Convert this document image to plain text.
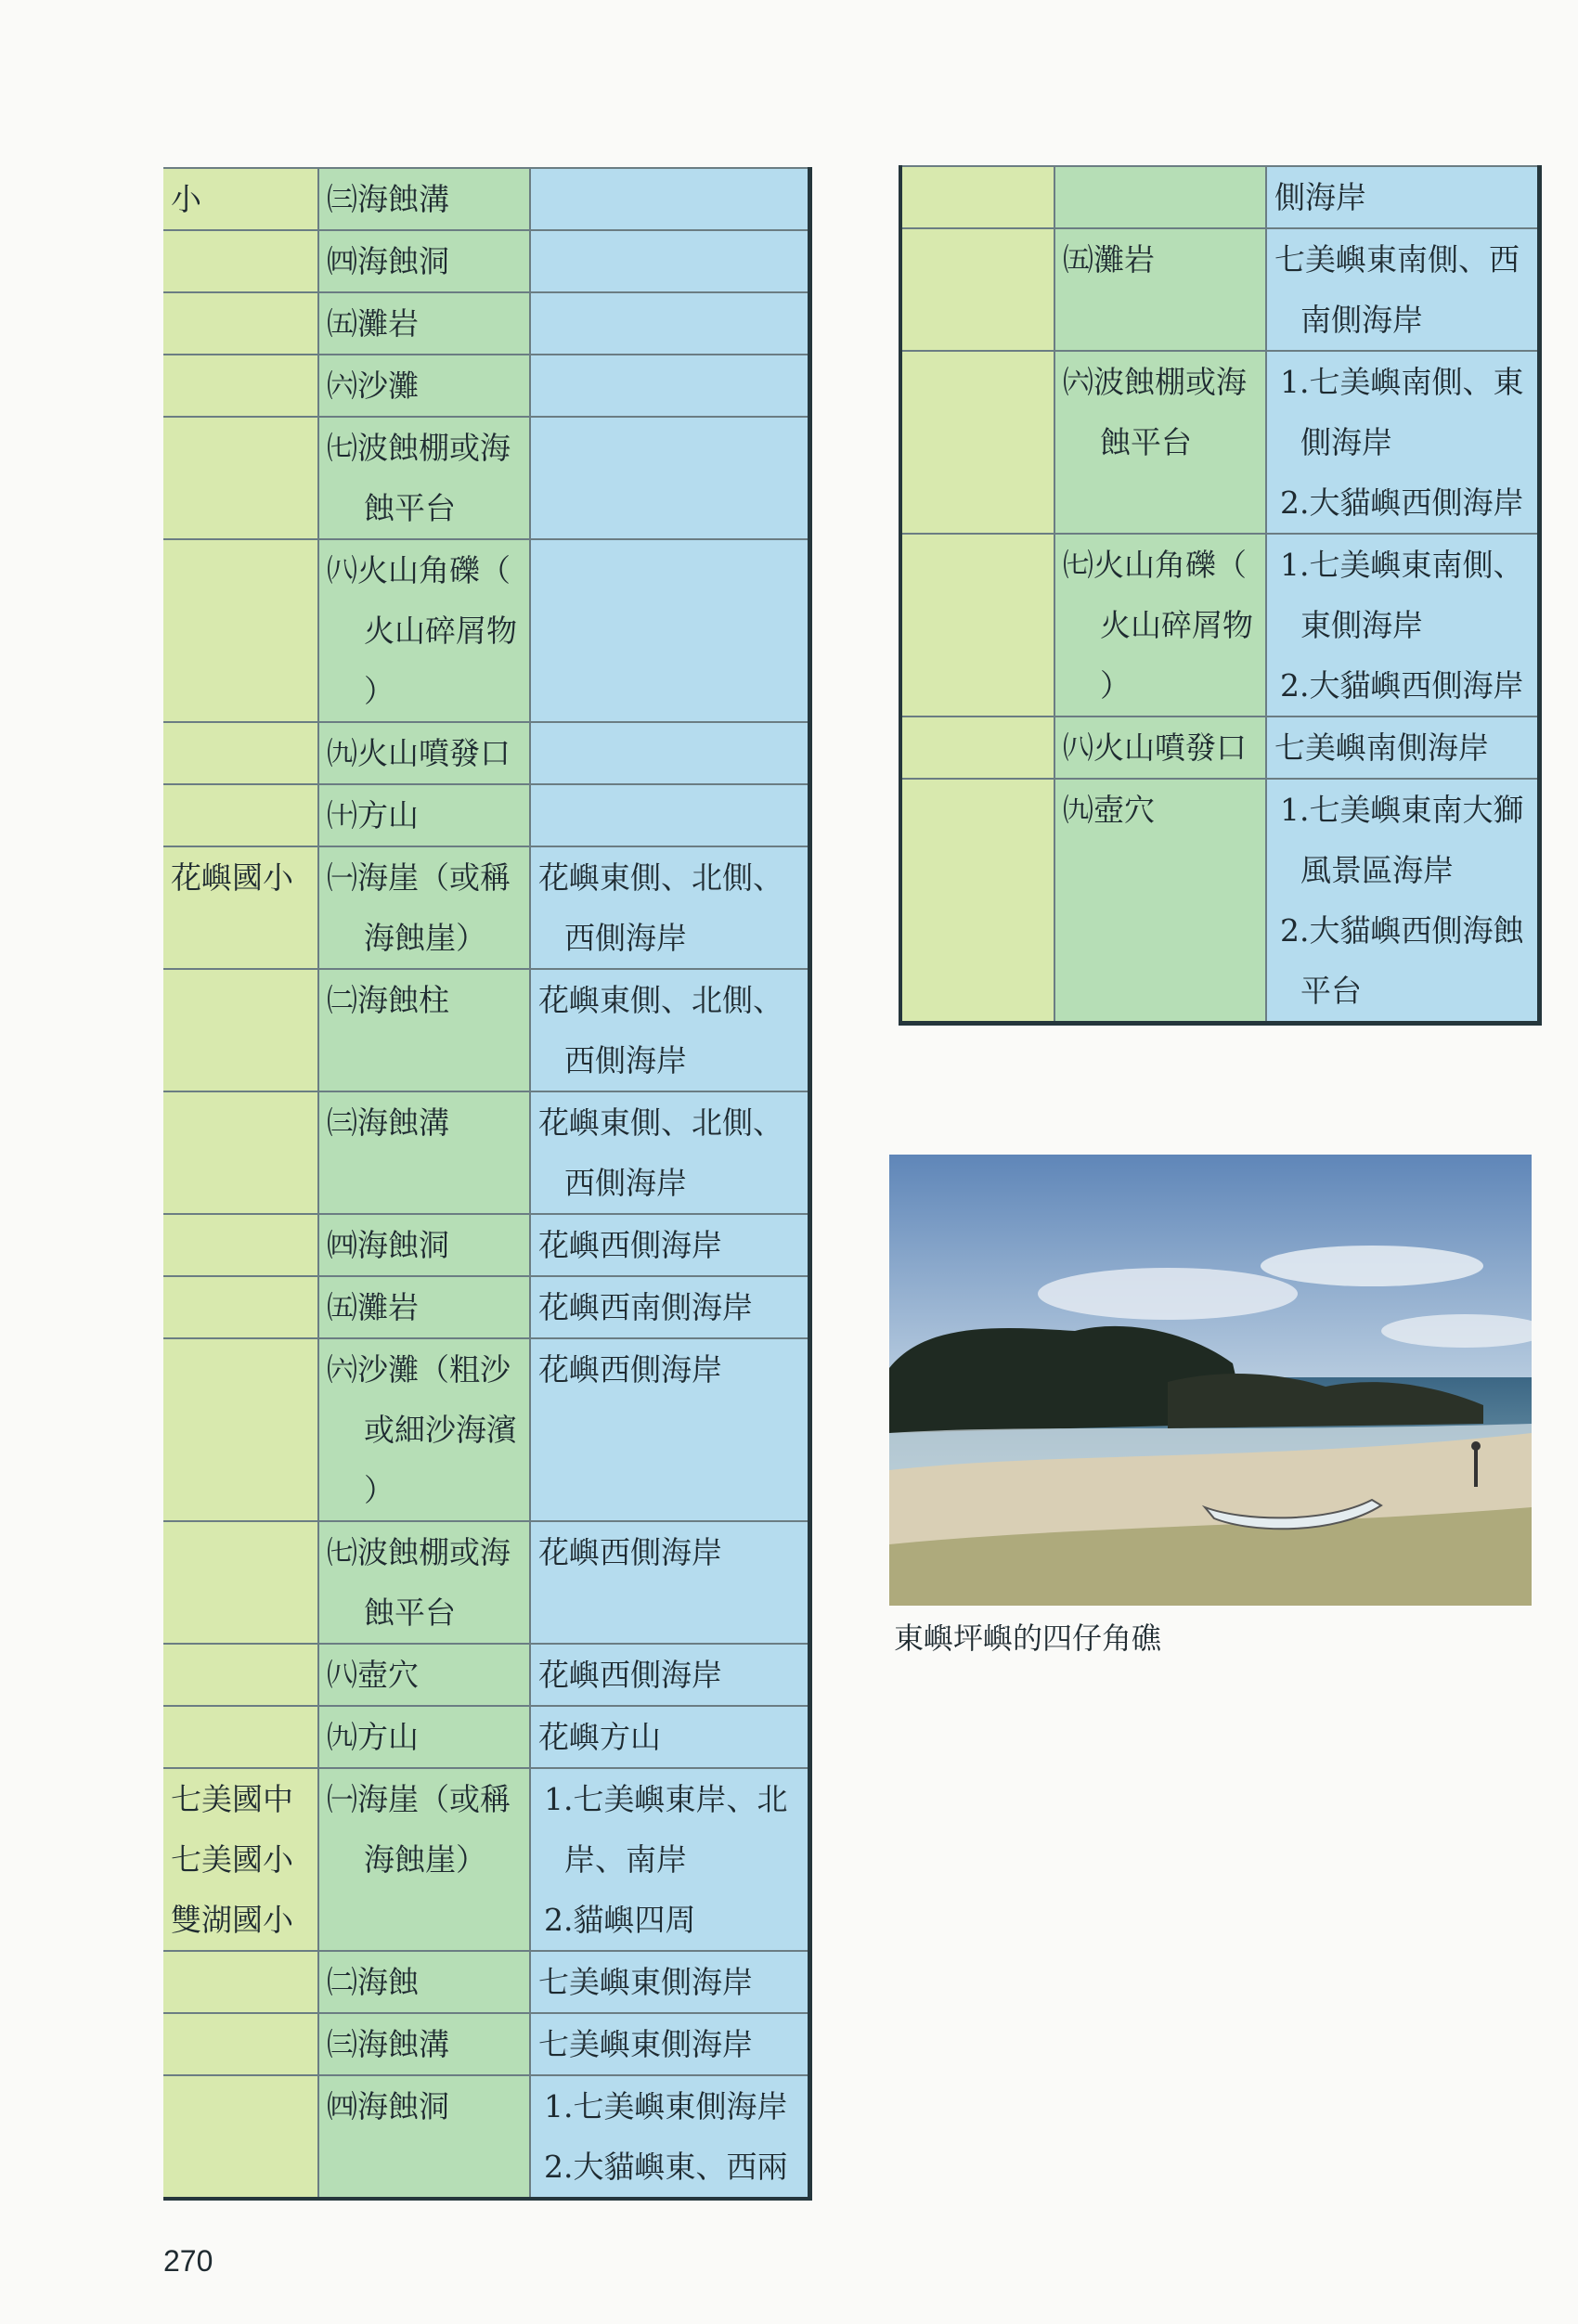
小	㈢海蝕溝	

	㈣海蝕洞	

	㈤灘岩	

	㈥沙灘	

	㈦波蝕棚或海
蝕平台	

	㈧火山角礫（
火山碎屑物
）	

	㈨火山噴發口	

	㈩方山	

花嶼國小	㈠海崖（或稱
海蝕崖）	花嶼東側、北側、
西側海岸

	㈡海蝕柱	花嶼東側、北側、
西側海岸

	㈢海蝕溝	花嶼東側、北側、
西側海岸

	㈣海蝕洞	花嶼西側海岸

	㈤灘岩	花嶼西南側海岸

	㈥沙灘（粗沙
或細沙海濱
）	花嶼西側海岸

	㈦波蝕棚或海
蝕平台	花嶼西側海岸

	㈧壺穴	花嶼西側海岸

	㈨方山	花嶼方山

七美國中
七美國小
雙湖國小	㈠海崖（或稱
海蝕崖）	1.七美嶼東岸、北
岸、南岸
2.貓嶼四周

	㈡海蝕	七美嶼東側海岸

	㈢海蝕溝	七美嶼東側海岸

	㈣海蝕洞	1.七美嶼東側海岸
2.大貓嶼東、西兩

		側海岸

	㈤灘岩	七美嶼東南側、西
南側海岸

	㈥波蝕棚或海
蝕平台	1.七美嶼南側、東
側海岸
2.大貓嶼西側海岸

	㈦火山角礫（
火山碎屑物
）	1.七美嶼東南側、
東側海岸
2.大貓嶼西側海岸

	㈧火山噴發口	七美嶼南側海岸

	㈨壺穴	1.七美嶼東南大獅
風景區海岸
2.大貓嶼西側海蝕
平台
東嶼坪嶼的四仔角礁
270
